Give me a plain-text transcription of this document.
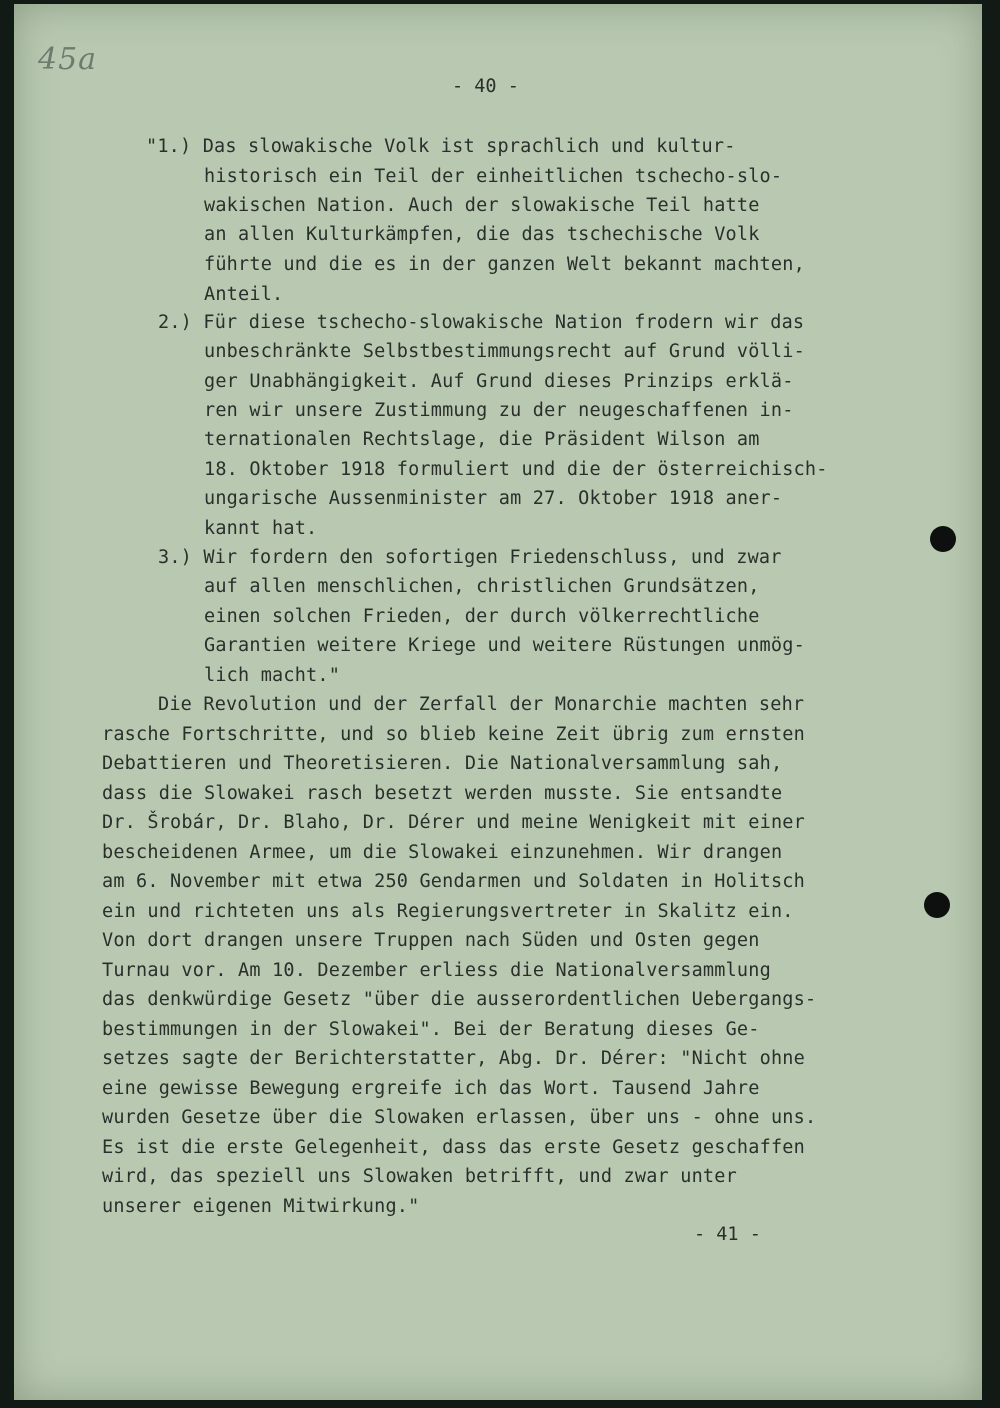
45a
- 40 -

"1.) Das slowakische Volk ist sprachlich und kultur-

historisch ein Teil der einheitlichen tschecho-slo-

wakischen Nation. Auch der slowakische Teil hatte

an allen Kulturkämpfen, die das tschechische Volk

führte und die es in der ganzen Welt bekannt machten,

Anteil.

2.) Für diese tschecho-slowakische Nation frodern wir das

unbeschränkte Selbstbestimmungsrecht auf Grund völli-

ger Unabhängigkeit. Auf Grund dieses Prinzips erklä-

ren wir unsere Zustimmung zu der neugeschaffenen in-

ternationalen Rechtslage, die Präsident Wilson am

18. Oktober 1918 formuliert und die der österreichisch-

ungarische Aussenminister am 27. Oktober 1918 aner-

kannt hat.

3.) Wir fordern den sofortigen Friedenschluss, und zwar

auf allen menschlichen, christlichen Grundsätzen,

einen solchen Frieden, der durch völkerrechtliche

Garantien weitere Kriege und weitere Rüstungen unmög-

lich macht."

Die Revolution und der Zerfall der Monarchie machten sehr

rasche Fortschritte, und so blieb keine Zeit übrig zum ernsten

Debattieren und Theoretisieren. Die Nationalversammlung sah,

dass die Slowakei rasch besetzt werden musste. Sie entsandte

Dr. Šrobár, Dr. Blaho, Dr. Dérer und meine Wenigkeit mit einer

bescheidenen Armee, um die Slowakei einzunehmen. Wir drangen

am 6. November mit etwa 250 Gendarmen und Soldaten in Holitsch

ein und richteten uns als Regierungsvertreter in Skalitz ein.

Von dort drangen unsere Truppen nach Süden und Osten gegen

Turnau vor. Am 10. Dezember erliess die Nationalversammlung

das denkwürdige Gesetz "über die ausserordentlichen Uebergangs-

bestimmungen in der Slowakei". Bei der Beratung dieses Ge-

setzes sagte der Berichterstatter, Abg. Dr. Dérer: "Nicht ohne

eine gewisse Bewegung ergreife ich das Wort. Tausend Jahre

wurden Gesetze über die Slowaken erlassen, über uns - ohne uns.

Es ist die erste Gelegenheit, dass das erste Gesetz geschaffen

wird, das speziell uns Slowaken betrifft, und zwar unter

unserer eigenen Mitwirkung."

- 41 -
